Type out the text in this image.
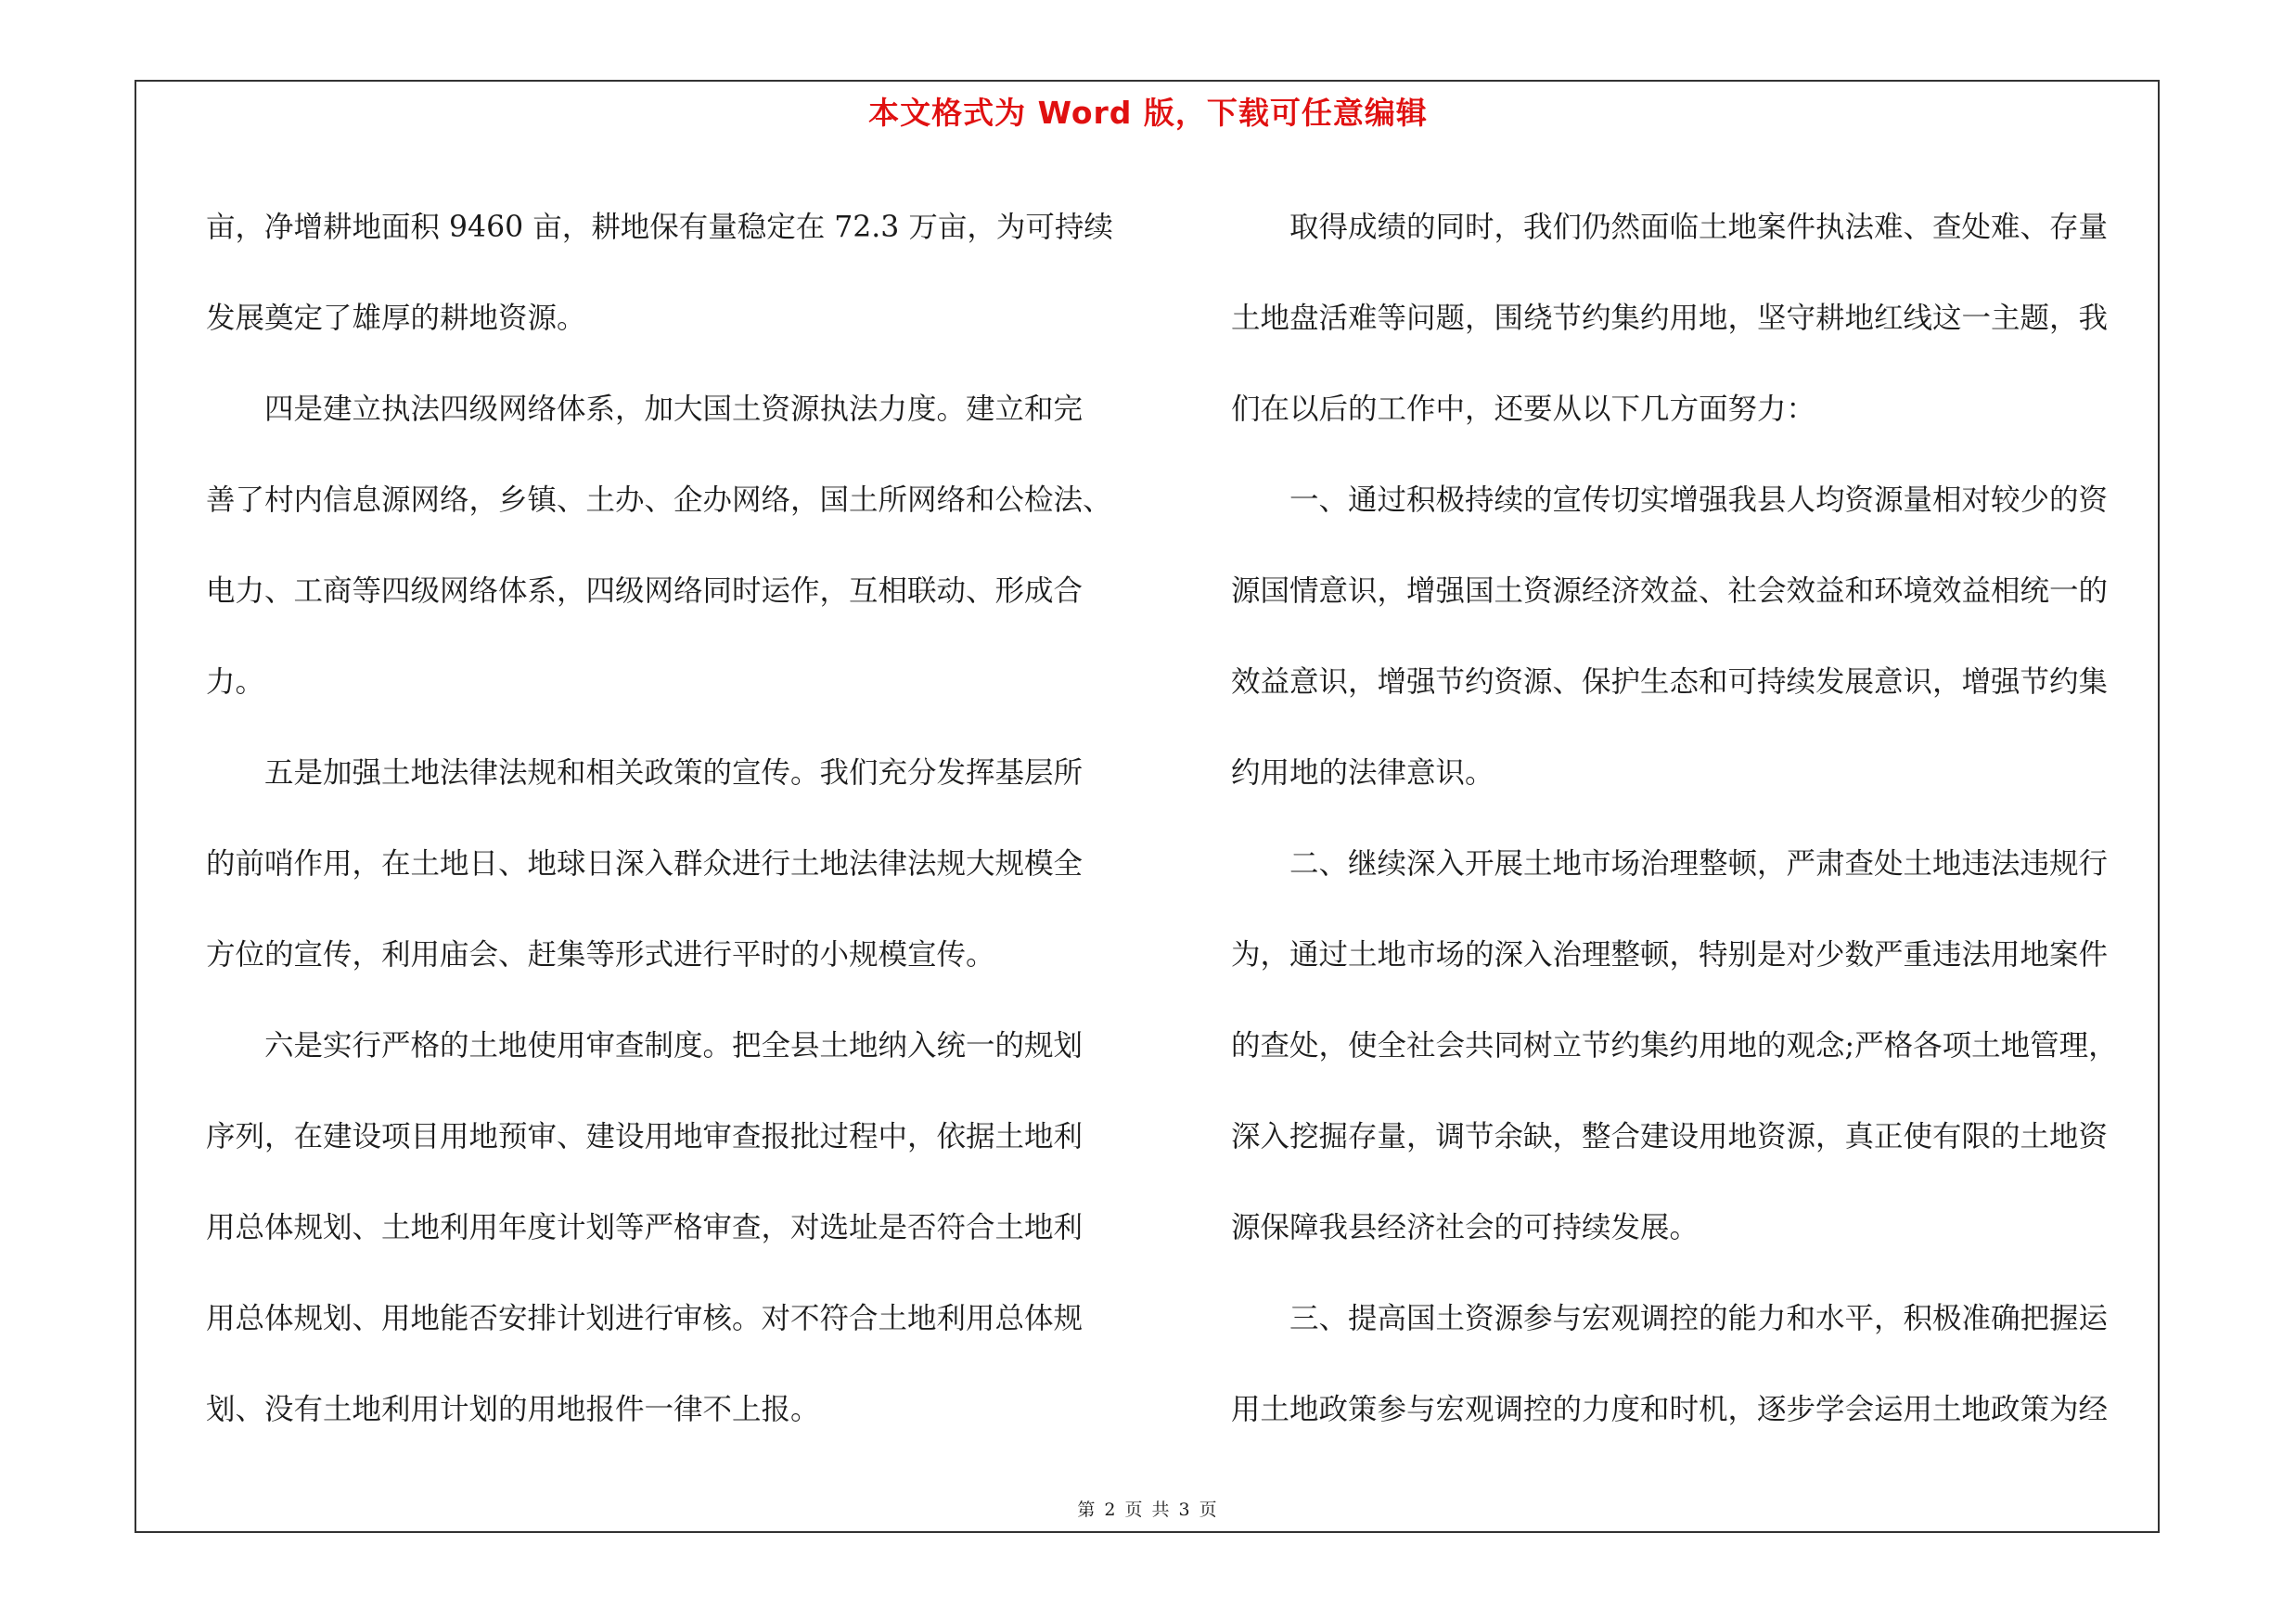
本文格式为 Word 版，下载可任意编辑
亩，净增耕地面积 9460 亩，耕地保有量稳定在 72.3 万亩，为可持续
发展奠定了雄厚的耕地资源。
　　四是建立执法四级网络体系，加大国土资源执法力度。建立和完
善了村内信息源网络，乡镇、土办、企办网络，国土所网络和公检法、
电力、工商等四级网络体系，四级网络同时运作，互相联动、形成合
力。
　　五是加强土地法律法规和相关政策的宣传。我们充分发挥基层所
的前哨作用，在土地日、地球日深入群众进行土地法律法规大规模全
方位的宣传，利用庙会、赶集等形式进行平时的小规模宣传。
　　六是实行严格的土地使用审查制度。把全县土地纳入统一的规划
序列，在建设项目用地预审、建设用地审查报批过程中，依据土地利
用总体规划、土地利用年度计划等严格审查，对选址是否符合土地利
用总体规划、用地能否安排计划进行审核。对不符合土地利用总体规
划、没有土地利用计划的用地报件一律不上报。
　　取得成绩的同时，我们仍然面临土地案件执法难、查处难、存量
土地盘活难等问题，围绕节约集约用地，坚守耕地红线这一主题，我
们在以后的工作中，还要从以下几方面努力：
　　一、通过积极持续的宣传切实增强我县人均资源量相对较少的资
源国情意识，增强国土资源经济效益、社会效益和环境效益相统一的
效益意识，增强节约资源、保护生态和可持续发展意识，增强节约集
约用地的法律意识。
　　二、继续深入开展土地市场治理整顿，严肃查处土地违法违规行
为，通过土地市场的深入治理整顿，特别是对少数严重违法用地案件
的查处，使全社会共同树立节约集约用地的观念;严格各项土地管理，
深入挖掘存量，调节余缺，整合建设用地资源，真正使有限的土地资
源保障我县经济社会的可持续发展。
　　三、提高国土资源参与宏观调控的能力和水平，积极准确把握运
用土地政策参与宏观调控的力度和时机，逐步学会运用土地政策为经
第 2 页 共 3 页
